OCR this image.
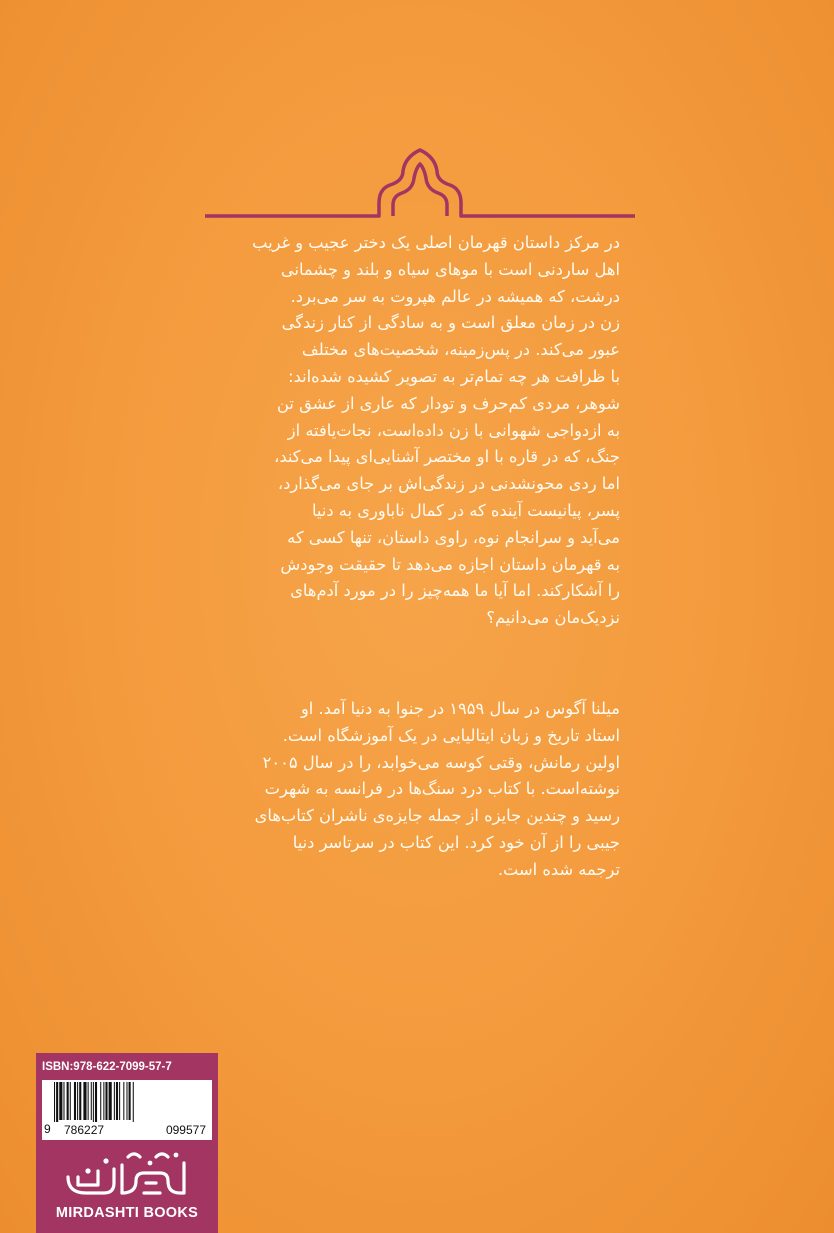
در مرکز داستان قهرمان اصلی یک دختر عجیب و غریب
اهل ساردنی است با موهای سیاه و بلند و چشمانی
درشت، که همیشه در عالم هپروت به سر می‌برد.
زن در زمان معلق است و به سادگی از کنار زندگی
عبور می‌کند. در پس‌زمینه، شخصیت‌های مختلف
با ظرافت هر چه تمام‌تر به تصویر کشیده شده‌اند:
شوهر، مردی کم‌حرف و تودار که عاری از عشق تن
به ازدواجی شهوانی با زن داده‌است، نجات‌یافته از
جنگ، که در قاره با او مختصر آشنایی‌ای پیدا می‌کند،
اما ردی محونشدنی در زندگی‌اش بر جای می‌گذارد،
پسر، پیانیست آینده که در کمال ناباوری به دنیا
می‌آید و سرانجام نوه، راوی داستان، تنها کسی که
به قهرمان داستان اجازه می‌دهد تا حقیقت وجودش
را آشکارکند. اما آیا ما همه‌چیز را در مورد آدم‌های
نزدیک‌مان می‌دانیم؟
میلنا آگوس در سال ۱۹۵۹ در جنوا به دنیا آمد. او
استاد تاریخ و زبان ایتالیایی در یک آموزشگاه است.
اولین رمانش، وقتی کوسه می‌خوابد، را در سال ۲۰۰۵
نوشته‌است. با کتاب درد سنگ‌ها در فرانسه به شهرت
رسید و چندین جایزه از جمله جایزه‌ی ناشران کتاب‌های
جیبی را از آن خود کرد. این کتاب در سرتاسر دنیا
ترجمه شده است.
ISBN:978-622-7099-57-7
9 786227	099577
MIRDASHTI BOOKS
